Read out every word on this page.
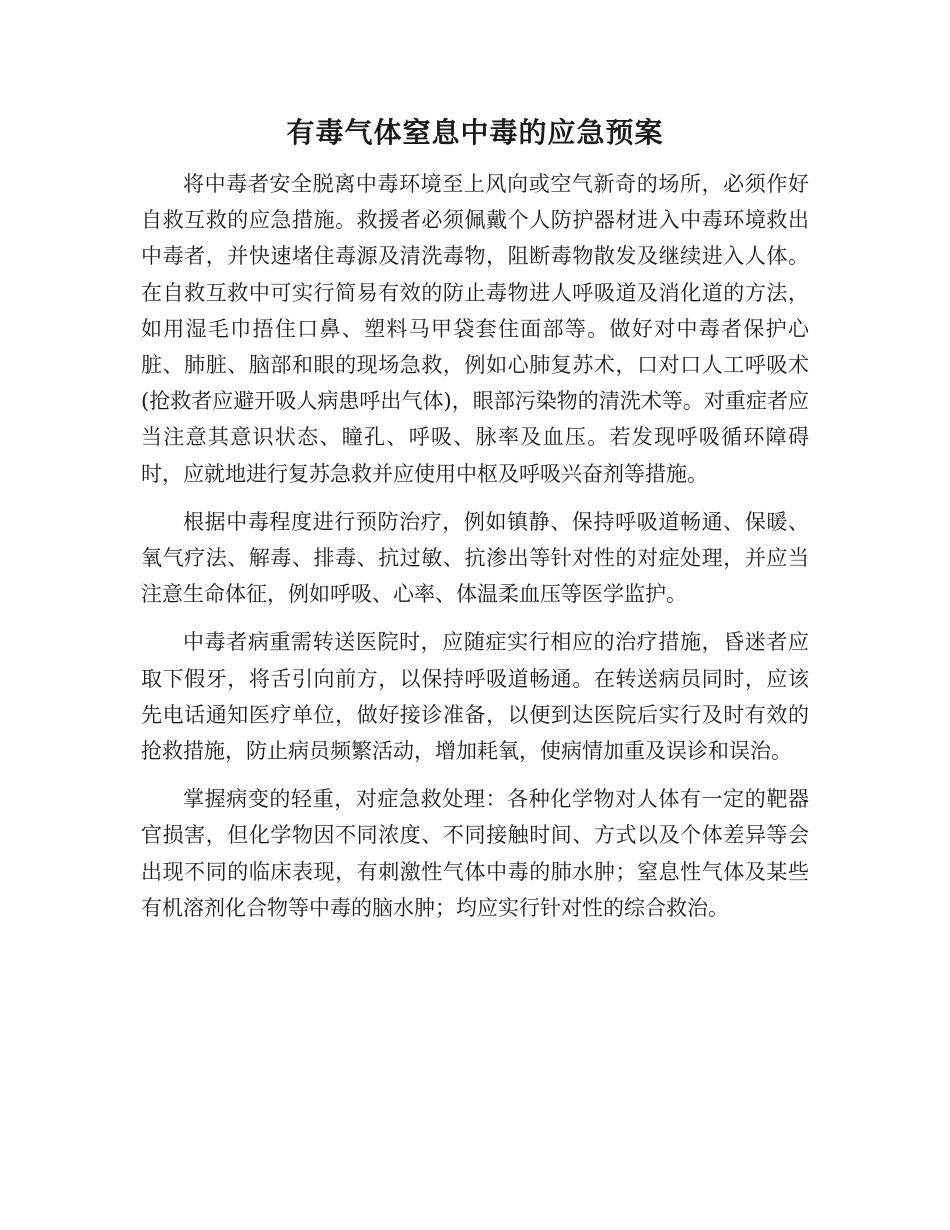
有毒气体窒息中毒的应急预案

将中毒者安全脱离中毒环境至上风向或空气新奇的场所，必须作好自救互救的应急措施。救援者必须佩戴个人防护器材进入中毒环境救出中毒者，并快速堵住毒源及清洗毒物，阻断毒物散发及继续进入人体。在自救互救中可实行简易有效的防止毒物进人呼吸道及消化道的方法，如用湿毛巾捂住口鼻、塑料马甲袋套住面部等。做好对中毒者保护心脏、肺脏、脑部和眼的现场急救，例如心肺复苏术，口对口人工呼吸术(抢救者应避开吸人病患呼出气体)，眼部污染物的清洗术等。对重症者应当注意其意识状态、瞳孔、呼吸、脉率及血压。若发现呼吸循环障碍时，应就地进行复苏急救并应使用中枢及呼吸兴奋剂等措施。

根据中毒程度进行预防治疗，例如镇静、保持呼吸道畅通、保暖、氧气疗法、解毒、排毒、抗过敏、抗渗出等针对性的对症处理，并应当注意生命体征，例如呼吸、心率、体温柔血压等医学监护。

中毒者病重需转送医院时，应随症实行相应的治疗措施，昏迷者应取下假牙，将舌引向前方，以保持呼吸道畅通。在转送病员同时，应该先电话通知医疗单位，做好接诊准备，以便到达医院后实行及时有效的抢救措施，防止病员频繁活动，增加耗氧，使病情加重及误诊和误治。

掌握病变的轻重，对症急救处理：各种化学物对人体有一定的靶器官损害，但化学物因不同浓度、不同接触时间、方式以及个体差异等会出现不同的临床表现，有刺激性气体中毒的肺水肿；窒息性气体及某些有机溶剂化合物等中毒的脑水肿；均应实行针对性的综合救治。
